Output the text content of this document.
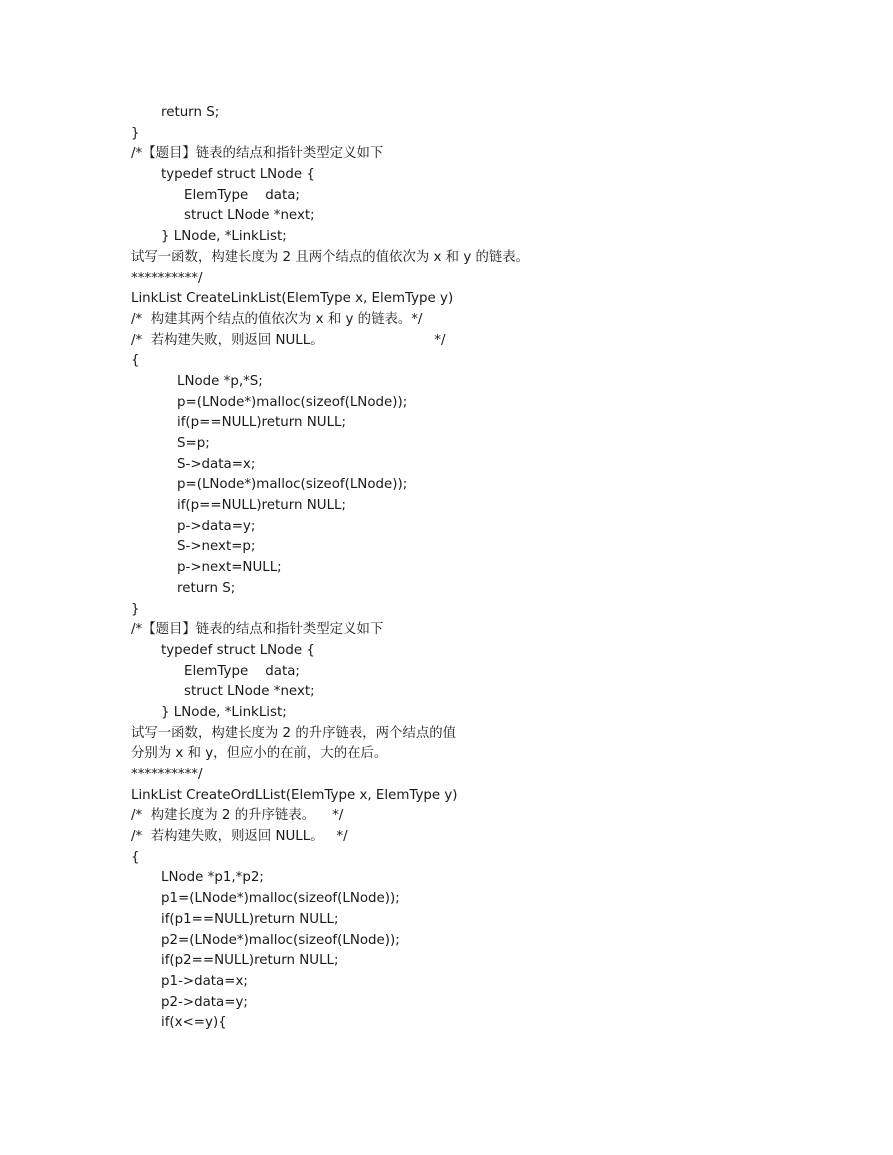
return S;
}
/*【题目】链表的结点和指针类型定义如下
typedef struct LNode {
ElemType    data;
struct LNode *next;
} LNode, *LinkList;
试写一函数，构建长度为 2 且两个结点的值依次为 x 和 y 的链表。
**********/
LinkList CreateLinkList(ElemType x, ElemType y)
/*  构建其两个结点的值依次为 x 和 y 的链表。*/
/*  若构建失败，则返回 NULL。                          */
{
LNode *p,*S;
p=(LNode*)malloc(sizeof(LNode));
if(p==NULL)return NULL;
S=p;
S->data=x;
p=(LNode*)malloc(sizeof(LNode));
if(p==NULL)return NULL;
p->data=y;
S->next=p;
p->next=NULL;
return S;
}
/*【题目】链表的结点和指针类型定义如下
typedef struct LNode {
ElemType    data;
struct LNode *next;
} LNode, *LinkList;
试写一函数，构建长度为 2 的升序链表，两个结点的值
分别为 x 和 y，但应小的在前，大的在后。
**********/
LinkList CreateOrdLList(ElemType x, ElemType y)
/*  构建长度为 2 的升序链表。    */
/*  若构建失败，则返回 NULL。   */
{
LNode *p1,*p2;
p1=(LNode*)malloc(sizeof(LNode));
if(p1==NULL)return NULL;
p2=(LNode*)malloc(sizeof(LNode));
if(p2==NULL)return NULL;
p1->data=x;
p2->data=y;
if(x<=y){
